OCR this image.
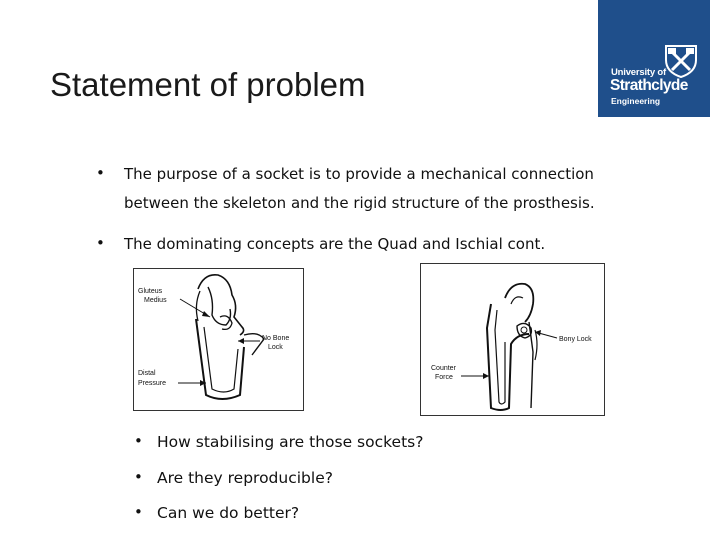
Statement of problem	University of
Strathclyde
Engineering
• The purpose of a socket is to provide a mechanical connection
between the skeleton and the rigid structure of the prosthesis.
• The dominating concepts are the Quad and Ischial cont.
Gluteus
Medius
No Bone
Lock
Distal
Pressure
Bony Lock
Counter
Force
• How stabilising are those sockets?
• Are they reproducible?
• Can we do better?
